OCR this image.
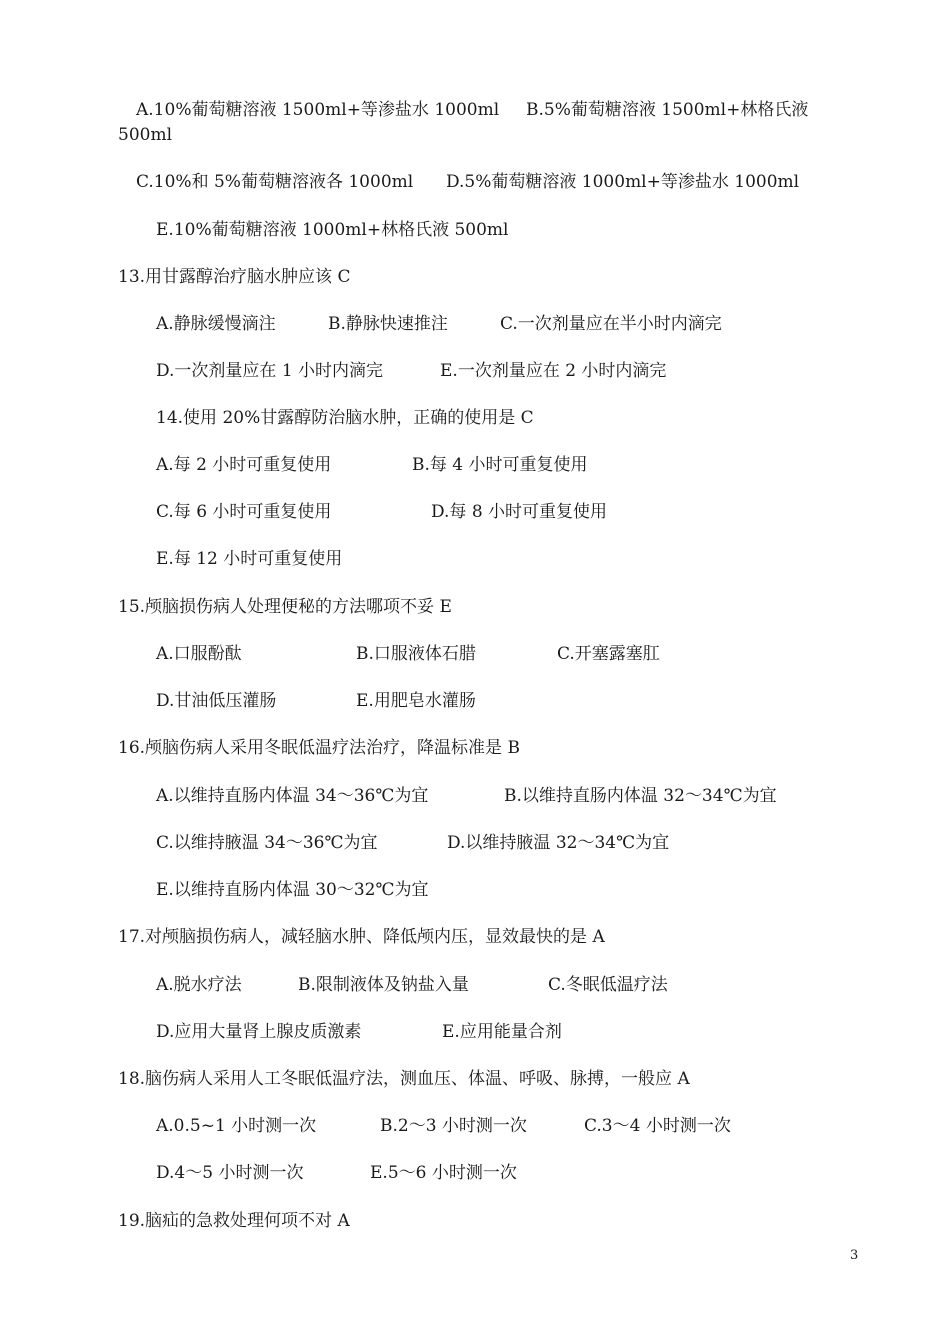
A.10%葡萄糖溶液 1500ml+等渗盐水 1000ml B.5%葡萄糖溶液 1500ml+林格氏液
500ml
C.10%和 5%葡萄糖溶液各 1000ml D.5%葡萄糖溶液 1000ml+等渗盐水 1000ml
E.10%葡萄糖溶液 1000ml+林格氏液 500ml
13.用甘露醇治疗脑水肿应该 C
A.静脉缓慢滴注	B.静脉快速推注	C.一次剂量应在半小时内滴完
D.一次剂量应在 1 小时内滴完	E.一次剂量应在 2 小时内滴完
14.使用 20%甘露醇防治脑水肿，正确的使用是 C
A.每 2 小时可重复使用	B.每 4 小时可重复使用
C.每 6 小时可重复使用	D.每 8 小时可重复使用
E.每 12 小时可重复使用
15.颅脑损伤病人处理便秘的方法哪项不妥 E
A.口服酚酞	B.口服液体石腊	C.开塞露塞肛
D.甘油低压灌肠	E.用肥皂水灌肠
16.颅脑伤病人采用冬眠低温疗法治疗，降温标准是 B
A.以维持直肠内体温 34～36℃为宜	B.以维持直肠内体温 32～34℃为宜
C.以维持腋温 34～36℃为宜	D.以维持腋温 32～34℃为宜
E.以维持直肠内体温 30～32℃为宜
17.对颅脑损伤病人，减轻脑水肿、降低颅内压，显效最快的是 A
A.脱水疗法	B.限制液体及钠盐入量	C.冬眠低温疗法
D.应用大量肾上腺皮质激素	E.应用能量合剂
18.脑伤病人采用人工冬眠低温疗法，测血压、体温、呼吸、脉搏，一般应 A
A.0.5~1 小时测一次	B.2～3 小时测一次	C.3～4 小时测一次
D.4～5 小时测一次	E.5～6 小时测一次
19.脑疝的急救处理何项不对 A
3
